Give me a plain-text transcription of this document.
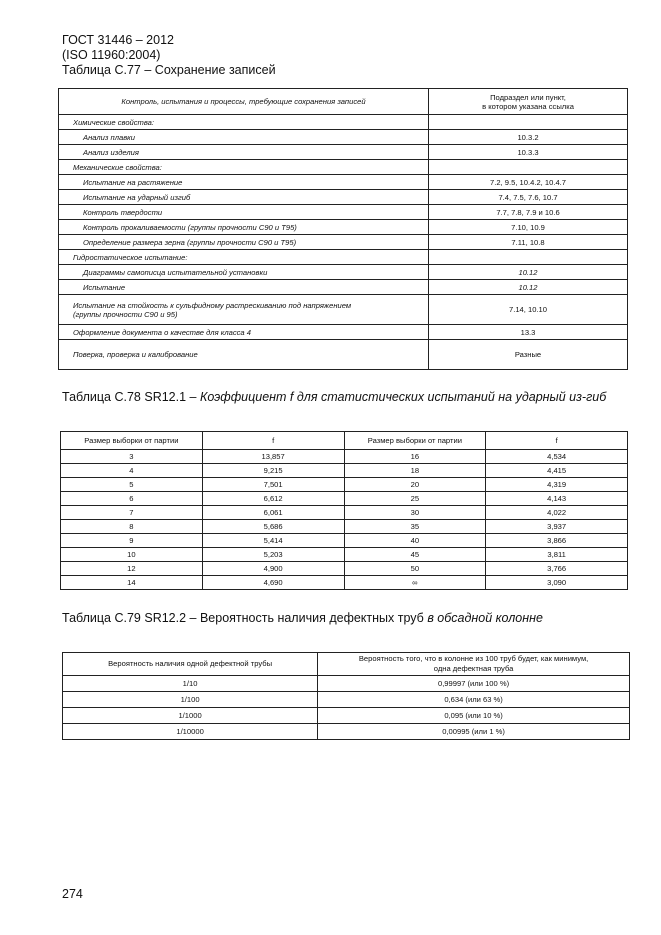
ГОСТ 31446 – 2012
(ISO 11960:2004)
Таблица С.77 – Сохранение записей
Контроль, испытания и процессы, требующие сохранения записей	Подраздел или пункт,
в котором указана ссылка

Химические свойства:	
Анализ плавки	10.3.2
Анализ изделия	10.3.3
Механические свойства:	
Испытание на растяжение	7.2, 9.5, 10.4.2, 10.4.7
Испытание на ударный изгиб	7.4, 7.5, 7.6, 10.7
Контроль твердости	7.7, 7.8, 7.9 и 10.6
Контроль прокаливаемости (группы прочности С90 и Т95)	7.10, 10.9
Определение размера зерна (группы прочности С90 и Т95)	7.11, 10.8
Гидростатическое испытание:	
Диаграммы самописца испытательной установки	10.12
Испытание	10.12

Испытание на стойкость к сульфидному растрескиванию под напряжением
(группы прочности С90 и 95)	7.14, 10.10
Оформление документа о качестве для класса 4	13.3
Поверка, проверка и калибрование	Разные
Таблица С.78 SR12.1 – Коэффициент f для статистических испытаний на ударный из-гиб
Размер выборки от партии	f	Размер выборки от партии	f
3	13,857	16	4,534
4	9,215	18	4,415
5	7,501	20	4,319
6	6,612	25	4,143
7	6,061	30	4,022
8	5,686	35	3,937
9	5,414	40	3,866
10	5,203	45	3,811
12	4,900	50	3,766
14	4,690	∞	3,090
Таблица С.79 SR12.2 – Вероятность наличия дефектных труб в обсадной колонне
Вероятность наличия одной дефектной трубы	Вероятность того, что в колонне из 100 труб будет, как минимум,
одна дефектная труба

1/10	0,99997 (или 100 %)
1/100	0,634 (или 63 %)
1/1000	0,095 (или 10 %)
1/10000	0,00995 (или 1 %)
274
